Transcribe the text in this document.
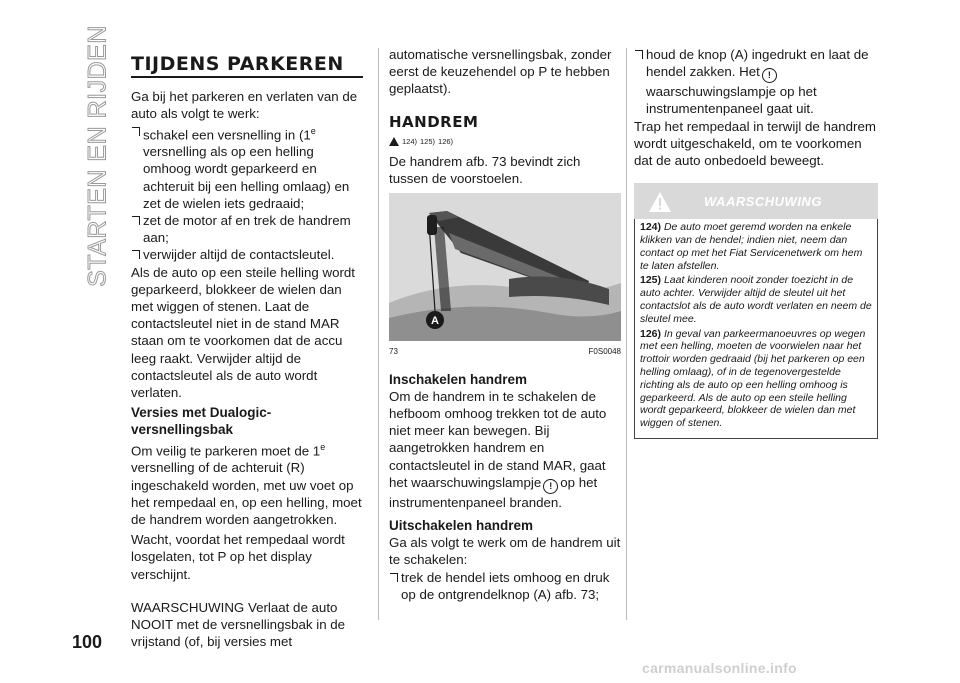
STARTEN EN RIJDEN
100
TIJDENS PARKEREN

Ga bij het parkeren en verlaten van de auto als volgt te werk:

schakel een versnelling in (1e versnelling als op een helling omhoog wordt geparkeerd en achteruit bij een helling omlaag) en zet de wielen iets gedraaid;

zet de motor af en trek de handrem aan;

verwijder altijd de contactsleutel.

Als de auto op een steile helling wordt geparkeerd, blokkeer de wielen dan met wiggen of stenen. Laat de contactsleutel niet in de stand MAR staan om te voorkomen dat de accu leeg raakt. Verwijder altijd de contactsleutel als de auto wordt verlaten.

Versies met Dualogic-versnellingsbak

Om veilig te parkeren moet de 1e versnelling of de achteruit (R) ingeschakeld worden, met uw voet op het rempedaal en, op een helling, moet de handrem worden aangetrokken.

Wacht, voordat het rempedaal wordt losgelaten, tot P op het display verschijnt.

WAARSCHUWING Verlaat de auto NOOIT met de versnellingsbak in de vrijstand (of, bij versies met

automatische versnellingsbak, zonder eerst de keuzehendel op P te hebben geplaatst).

HANDREM
124) 125) 126)

De handrem afb. 73 bevindt zich tussen de voorstoelen.

A
73	F0S0048
Inschakelen handrem

Om de handrem in te schakelen de hefboom omhoog trekken tot de auto niet meer kan bewegen. Bij aangetrokken handrem en contactsleutel in de stand MAR, gaat het waarschuwingslampje ! op het instrumentenpaneel branden.

Uitschakelen handrem

Ga als volgt te werk om de handrem uit te schakelen:

trek de hendel iets omhoog en druk op de ontgrendelknop (A) afb. 73;

houd de knop (A) ingedrukt en laat de hendel zakken. Het ! waarschuwingslampje op het instrumentenpaneel gaat uit.

Trap het rempedaal in terwijl de handrem wordt uitgeschakeld, om te voorkomen dat de auto onbedoeld beweegt.

WAARSCHUWING

124) De auto moet geremd worden na enkele klikken van de hendel; indien niet, neem dan contact op met het Fiat Servicenetwerk om hem te laten afstellen.

125) Laat kinderen nooit zonder toezicht in de auto achter. Verwijder altijd de sleutel uit het contactslot als de auto wordt verlaten en neem de sleutel mee.

126) In geval van parkeermanoeuvres op wegen met een helling, moeten de voorwielen naar het trottoir worden gedraaid (bij het parkeren op een helling omlaag), of in de tegenovergestelde richting als de auto op een helling omhoog is geparkeerd. Als de auto op een steile helling wordt geparkeerd, blokkeer de wielen dan met wiggen of stenen.

carmanualsonline.info
